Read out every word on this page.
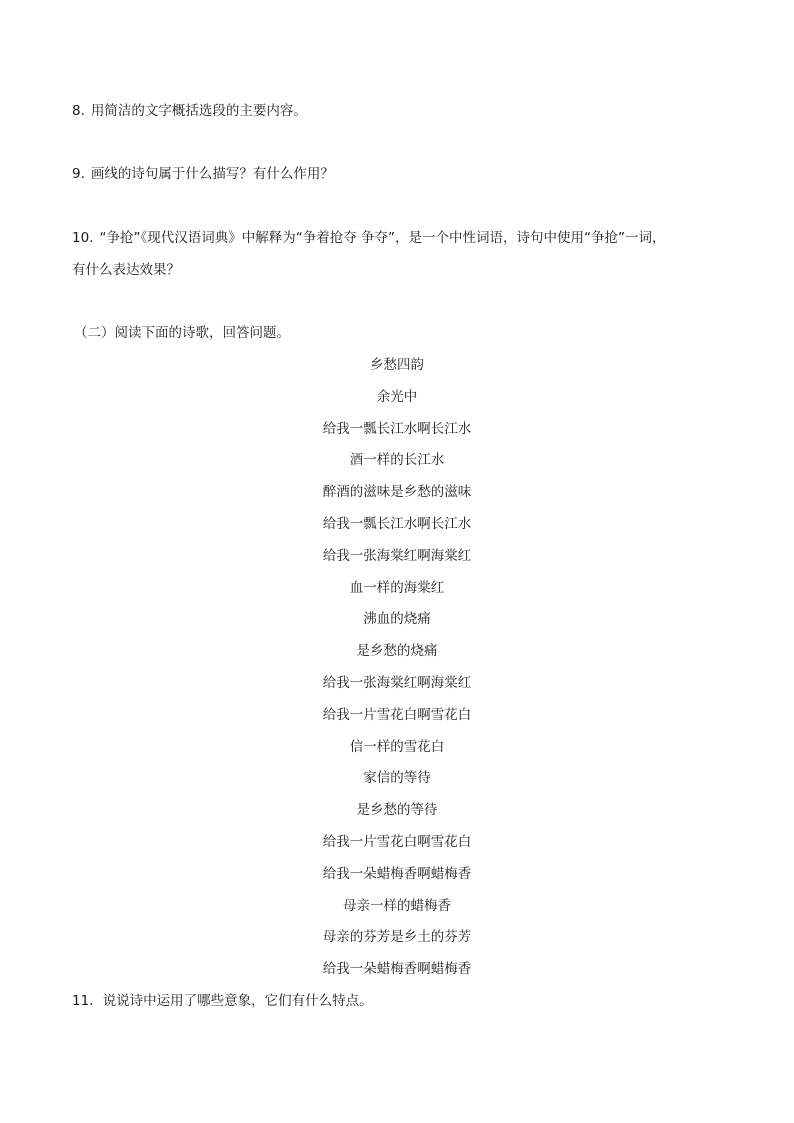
8. 用简洁的文字概括选段的主要内容。
9. 画线的诗句属于什么描写？有什么作用？
10. “争抢”《现代汉语词典》中解释为“争着抢夺 争夺”，是一个中性词语，诗句中使用“争抢”一词，
有什么表达效果？
（二）阅读下面的诗歌，回答问题。

乡愁四韵

余光中

给我一瓢长江水啊长江水

酒一样的长江水

醉酒的滋味是乡愁的滋味

给我一瓢长江水啊长江水

给我一张海棠红啊海棠红

血一样的海棠红

沸血的烧痛

是乡愁的烧痛

给我一张海棠红啊海棠红

给我一片雪花白啊雪花白

信一样的雪花白

家信的等待

是乡愁的等待

给我一片雪花白啊雪花白

给我一朵蜡梅香啊蜡梅香

母亲一样的蜡梅香

母亲的芬芳是乡土的芬芳

给我一朵蜡梅香啊蜡梅香

11．说说诗中运用了哪些意象，它们有什么特点。
